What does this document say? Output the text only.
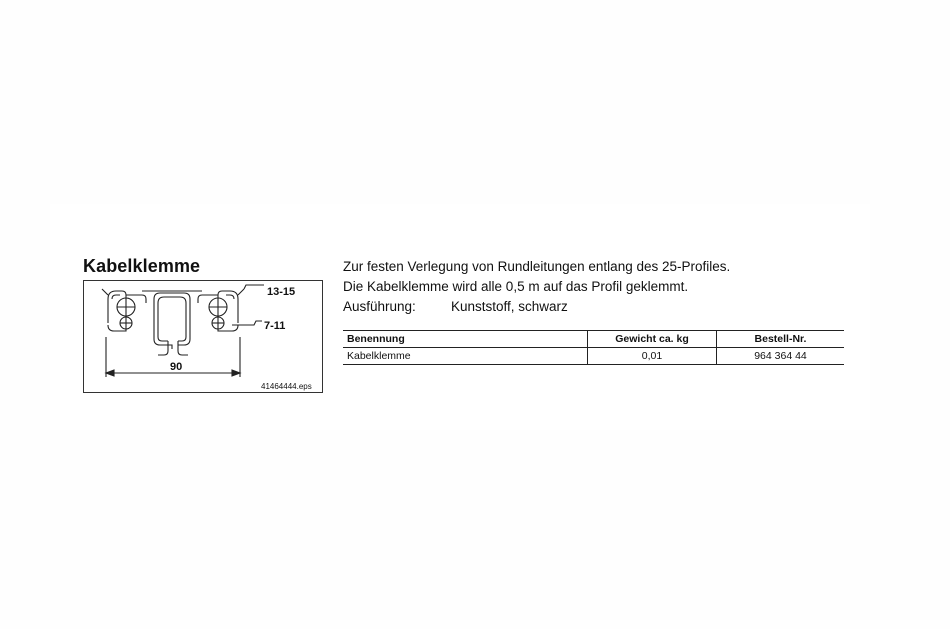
Kabelklemme
90
13-15
7-11
41464444.eps

Zur festen Verlegung von Rundleitungen entlang des 25-Profiles.

Die Kabelklemme wird alle 0,5 m auf das Profil geklemmt.

Ausführung:	Kunststoff, schwarz

Benennung	Gewicht ca. kg	Bestell-Nr.
Kabelklemme	0,01	964 364 44
